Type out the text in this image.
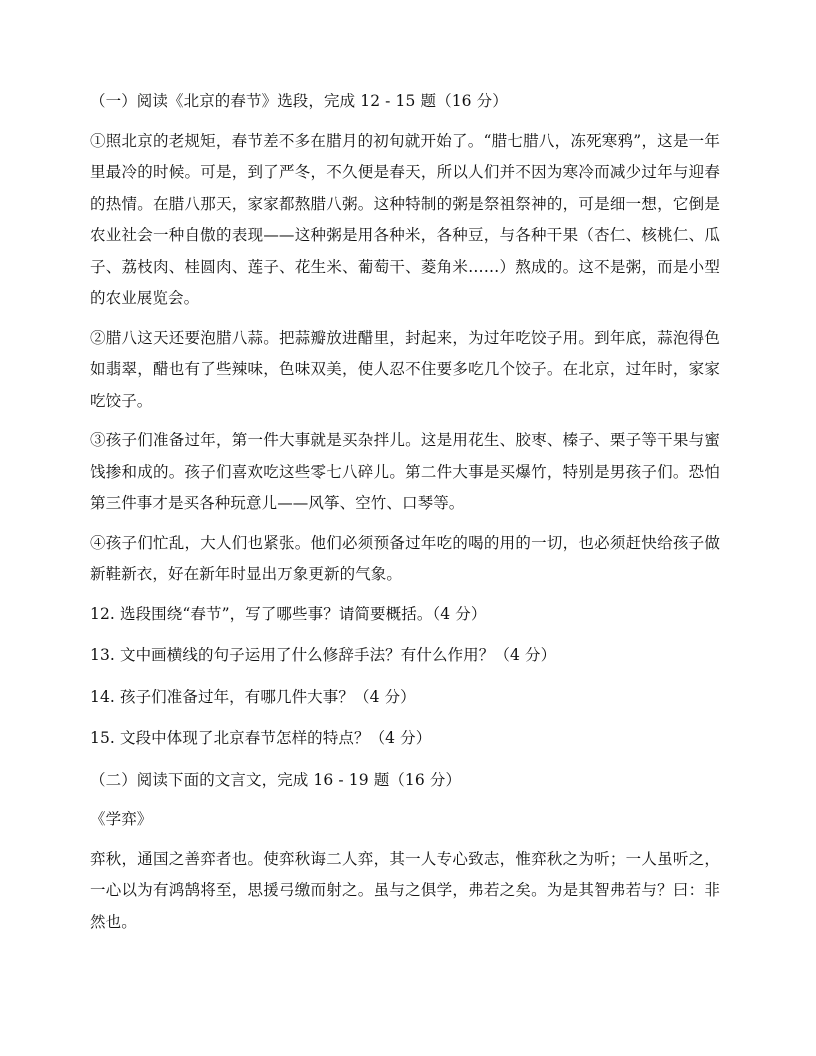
（一）阅读《北京的春节》选段，完成 12 - 15 题（16 分）
①照北京的老规矩，春节差不多在腊月的初旬就开始了。“腊七腊八，冻死寒鸦”，这是一年里最冷的时候。可是，到了严冬，不久便是春天，所以人们并不因为寒冷而减少过年与迎春的热情。在腊八那天，家家都熬腊八粥。这种特制的粥是祭祖祭神的，可是细一想，它倒是农业社会一种自傲的表现——这种粥是用各种米，各种豆，与各种干果（杏仁、核桃仁、瓜子、荔枝肉、桂圆肉、莲子、花生米、葡萄干、菱角米……）熬成的。这不是粥，而是小型的农业展览会。
②腊八这天还要泡腊八蒜。把蒜瓣放进醋里，封起来，为过年吃饺子用。到年底，蒜泡得色如翡翠，醋也有了些辣味，色味双美，使人忍不住要多吃几个饺子。在北京，过年时，家家吃饺子。
③孩子们准备过年，第一件大事就是买杂拌儿。这是用花生、胶枣、榛子、栗子等干果与蜜饯掺和成的。孩子们喜欢吃这些零七八碎儿。第二件大事是买爆竹，特别是男孩子们。恐怕第三件事才是买各种玩意儿——风筝、空竹、口琴等。
④孩子们忙乱，大人们也紧张。他们必须预备过年吃的喝的用的一切，也必须赶快给孩子做新鞋新衣，好在新年时显出万象更新的气象。
12. 选段围绕“春节”，写了哪些事？请简要概括。（4 分）
13. 文中画横线的句子运用了什么修辞手法？有什么作用？（4 分）
14. 孩子们准备过年，有哪几件大事？（4 分）
15. 文段中体现了北京春节怎样的特点？（4 分）
（二）阅读下面的文言文，完成 16 - 19 题（16 分）
《学弈》
弈秋，通国之善弈者也。使弈秋诲二人弈，其一人专心致志，惟弈秋之为听；一人虽听之，一心以为有鸿鹄将至，思援弓缴而射之。虽与之俱学，弗若之矣。为是其智弗若与？曰：非然也。
